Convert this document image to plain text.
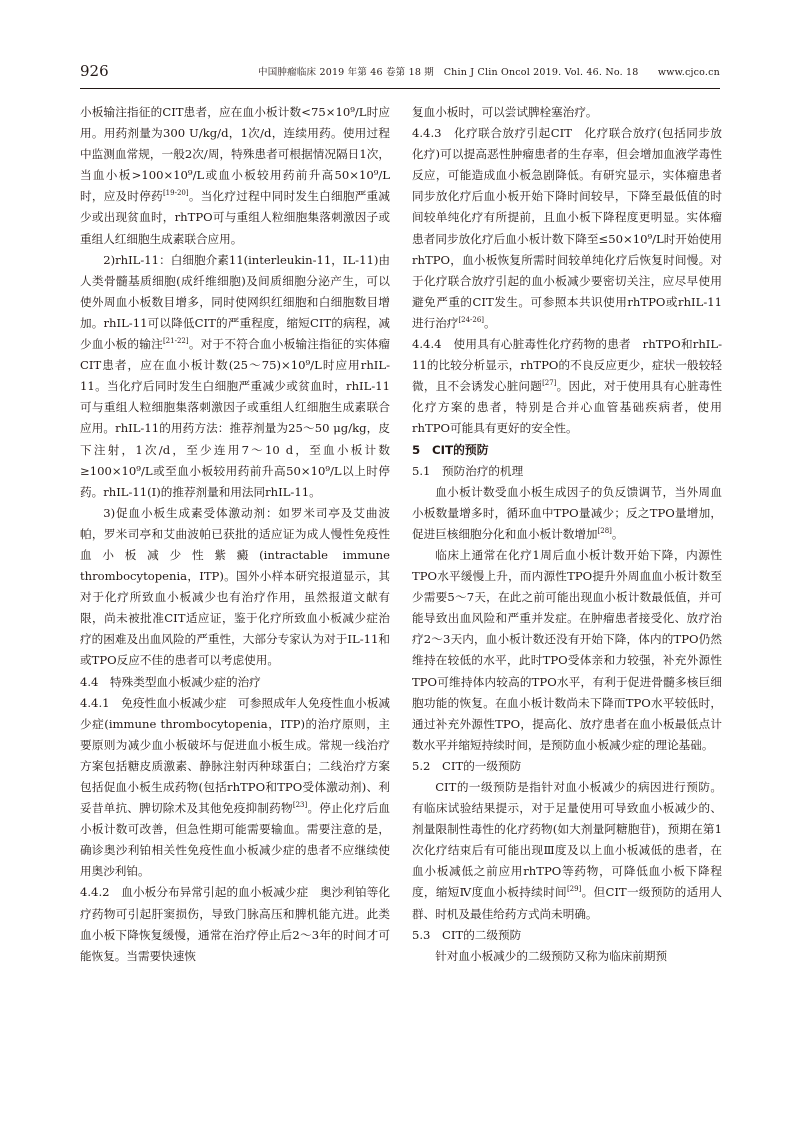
926	中国肿瘤临床 2019 年第 46 卷第 18 期　Chin J Clin Oncol 2019. Vol. 46. No. 18　　www.cjco.cn

小板输注指征的CIT患者，应在血小板计数<75×10⁹/L时应用。用药剂量为300 U/kg/d，1次/d，连续用药。使用过程中监测血常规，一般2次/周，特殊患者可根据情况隔日1次，当血小板>100×10⁹/L或血小板较用药前升高50×10⁹/L时，应及时停药[19-20]。当化疗过程中同时发生白细胞严重减少或出现贫血时，rhTPO可与重组人粒细胞集落刺激因子或重组人红细胞生成素联合应用。

2)rhIL-11：白细胞介素11(interleukin-11，IL-11)由人类骨髓基质细胞(成纤维细胞)及间质细胞分泌产生，可以使外周血小板数目增多，同时使网织红细胞和白细胞数目增加。rhIL-11可以降低CIT的严重程度，缩短CIT的病程，减少血小板的输注[21-22]。对于不符合血小板输注指征的实体瘤CIT患者，应在血小板计数(25～75)×10⁹/L时应用rhIL-11。当化疗后同时发生白细胞严重减少或贫血时，rhIL-11可与重组人粒细胞集落刺激因子或重组人红细胞生成素联合应用。rhIL-11的用药方法：推荐剂量为25～50 μg/kg，皮下注射，1次/d，至少连用7～10 d，至血小板计数≥100×10⁹/L或至血小板较用药前升高50×10⁹/L以上时停药。rhIL-11(Ⅰ)的推荐剂量和用法同rhIL-11。

3)促血小板生成素受体激动剂：如罗米司亭及艾曲波帕，罗米司亭和艾曲波帕已获批的适应证为成人慢性免疫性血小板减少性紫癜(intractable immune thrombocytopenia，ITP)。国外小样本研究报道显示，其对于化疗所致血小板减少也有治疗作用，虽然报道文献有限，尚未被批准CIT适应证，鉴于化疗所致血小板减少症治疗的困难及出血风险的严重性，大部分专家认为对于IL-11和或TPO反应不佳的患者可以考虑使用。

4.4　特殊类型血小板减少症的治疗

4.4.1　免疫性血小板减少症　可参照成年人免疫性血小板减少症(immune thrombocytopenia，ITP)的治疗原则，主要原则为减少血小板破坏与促进血小板生成。常规一线治疗方案包括糖皮质激素、静脉注射丙种球蛋白；二线治疗方案包括促血小板生成药物(包括rhTPO和TPO受体激动剂)、利妥昔单抗、脾切除术及其他免疫抑制药物[23]。停止化疗后血小板计数可改善，但急性期可能需要输血。需要注意的是，确诊奥沙利铂相关性免疫性血小板减少症的患者不应继续使用奥沙利铂。

4.4.2　血小板分布异常引起的血小板减少症　奥沙利铂等化疗药物可引起肝窦损伤，导致门脉高压和脾机能亢进。此类血小板下降恢复缓慢，通常在治疗停止后2～3年的时间才可能恢复。当需要快速恢

复血小板时，可以尝试脾栓塞治疗。

4.4.3　化疗联合放疗引起CIT　化疗联合放疗(包括同步放化疗)可以提高恶性肿瘤患者的生存率，但会增加血液学毒性反应，可能造成血小板急剧降低。有研究显示，实体瘤患者同步放化疗后血小板开始下降时间较早，下降至最低值的时间较单纯化疗有所提前，且血小板下降程度更明显。实体瘤患者同步放化疗后血小板计数下降至≤50×10⁹/L时开始使用rhTPO，血小板恢复所需时间较单纯化疗后恢复时间慢。对于化疗联合放疗引起的血小板减少要密切关注，应尽早使用避免严重的CIT发生。可参照本共识使用rhTPO或rhIL-11进行治疗[24-26]。

4.4.4　使用具有心脏毒性化疗药物的患者　rhTPO和rhIL-11的比较分析显示，rhTPO的不良反应更少，症状一般较轻微，且不会诱发心脏问题[27]。因此，对于使用具有心脏毒性化疗方案的患者，特别是合并心血管基础疾病者，使用rhTPO可能具有更好的安全性。

5　CIT的预防
5.1　预防治疗的机理

血小板计数受血小板生成因子的负反馈调节，当外周血小板数量增多时，循环血中TPO量减少；反之TPO量增加，促进巨核细胞分化和血小板计数增加[28]。

临床上通常在化疗1周后血小板计数开始下降，内源性TPO水平缓慢上升，而内源性TPO提升外周血血小板计数至少需要5～7天，在此之前可能出现血小板计数最低值，并可能导致出血风险和严重并发症。在肿瘤患者接受化、放疗治疗2～3天内，血小板计数还没有开始下降，体内的TPO仍然维持在较低的水平，此时TPO受体亲和力较强，补充外源性TPO可维持体内较高的TPO水平，有利于促进骨髓多核巨细胞功能的恢复。在血小板计数尚未下降而TPO水平较低时，通过补充外源性TPO，提高化、放疗患者在血小板最低点计数水平并缩短持续时间，是预防血小板减少症的理论基础。

5.2　CIT的一级预防

CIT的一级预防是指针对血小板减少的病因进行预防。有临床试验结果提示，对于足量使用可导致血小板减少的、剂量限制性毒性的化疗药物(如大剂量阿糖胞苷)，预期在第1次化疗结束后有可能出现Ⅲ度及以上血小板减低的患者，在血小板减低之前应用rhTPO等药物，可降低血小板下降程度，缩短Ⅳ度血小板持续时间[29]。但CIT一级预防的适用人群、时机及最佳给药方式尚未明确。

5.3　CIT的二级预防

针对血小板减少的二级预防又称为临床前期预
